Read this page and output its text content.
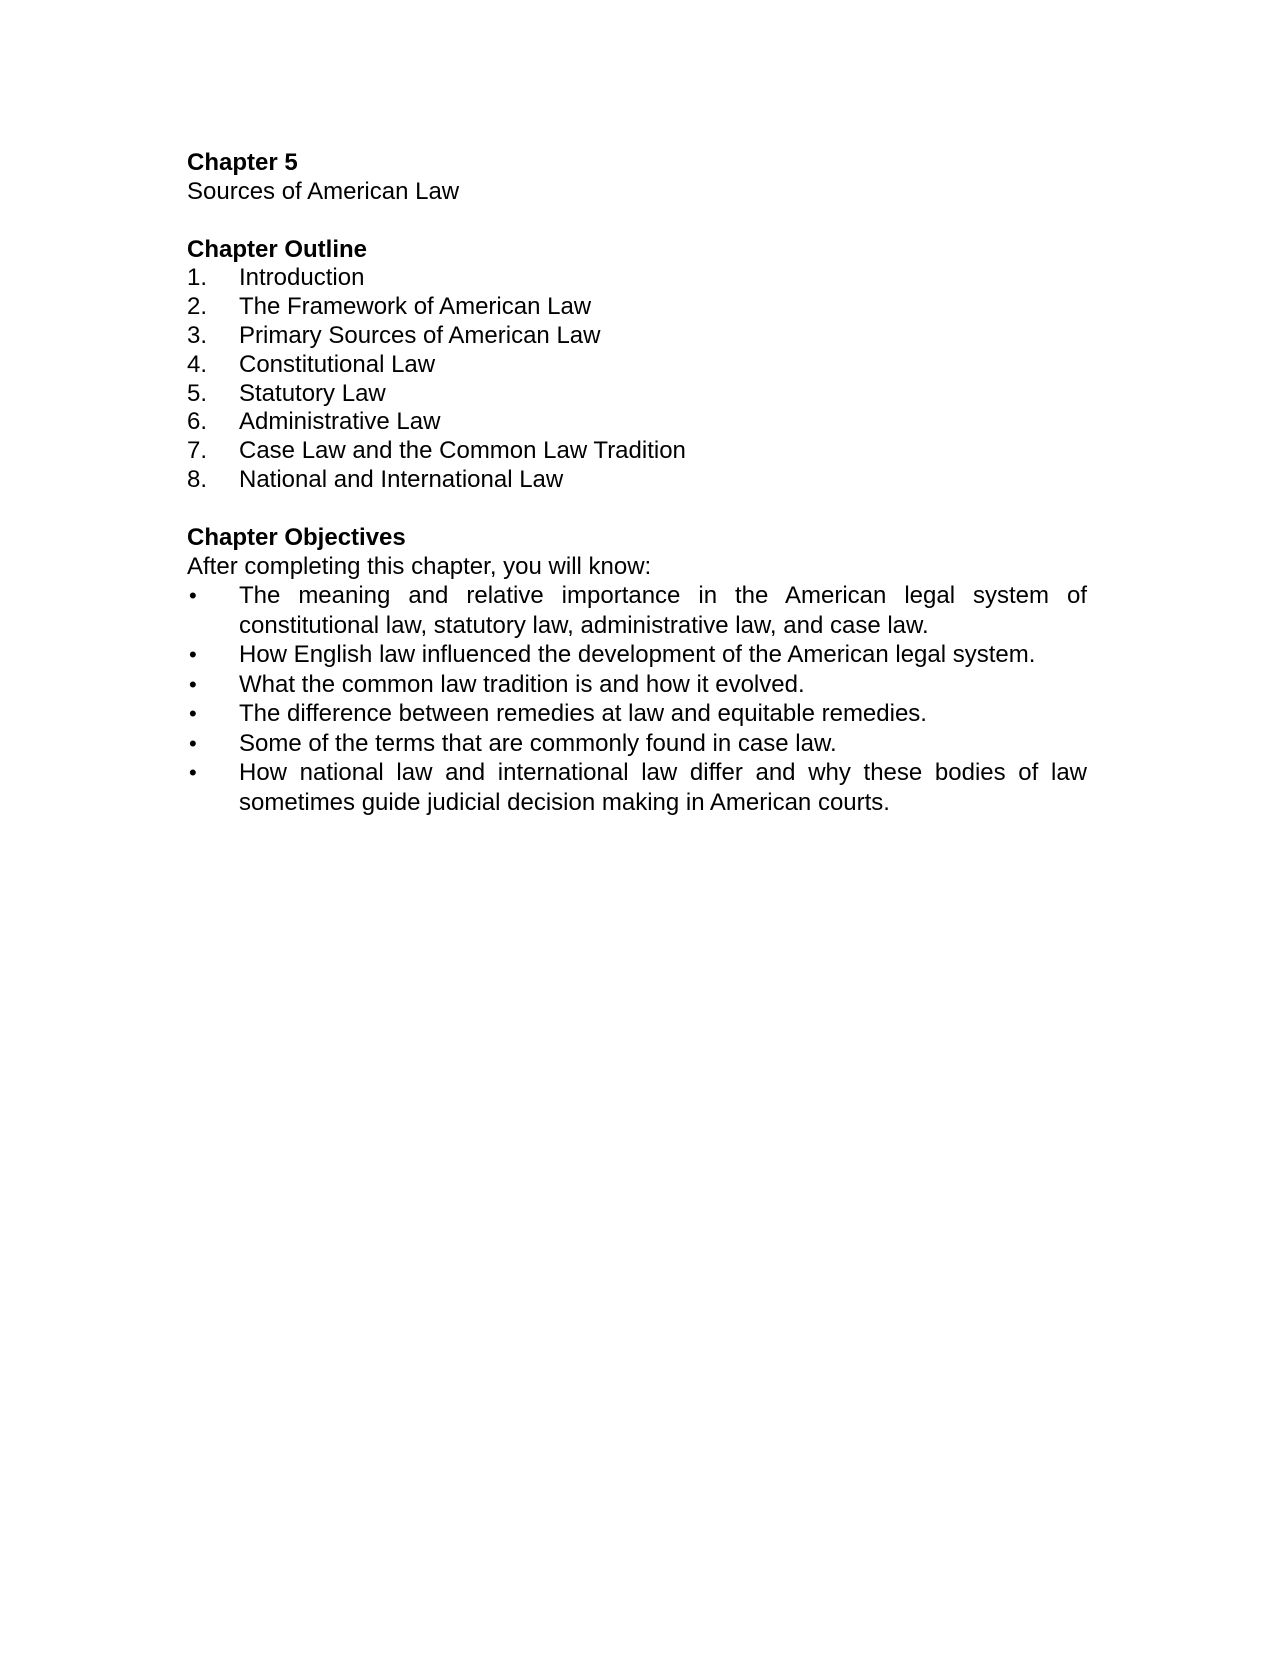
Chapter 5

Sources of American Law

Chapter Outline

1.	Introduction
2.	The Framework of American Law
3.	Primary Sources of American Law
4.	Constitutional Law
5.	Statutory Law
6.	Administrative Law
7.	Case Law and the Common Law Tradition
8.	National and International Law

Chapter Objectives

After completing this chapter, you will know:

•	The meaning and relative importance in the American legal system of constitutional law, statutory law, administrative law, and case law.
•	How English law influenced the development of the American legal system.
•	What the common law tradition is and how it evolved.
•	The difference between remedies at law and equitable remedies.
•	Some of the terms that are commonly found in case law.
•	How national law and international law differ and why these bodies of law sometimes guide judicial decision making in American courts.
